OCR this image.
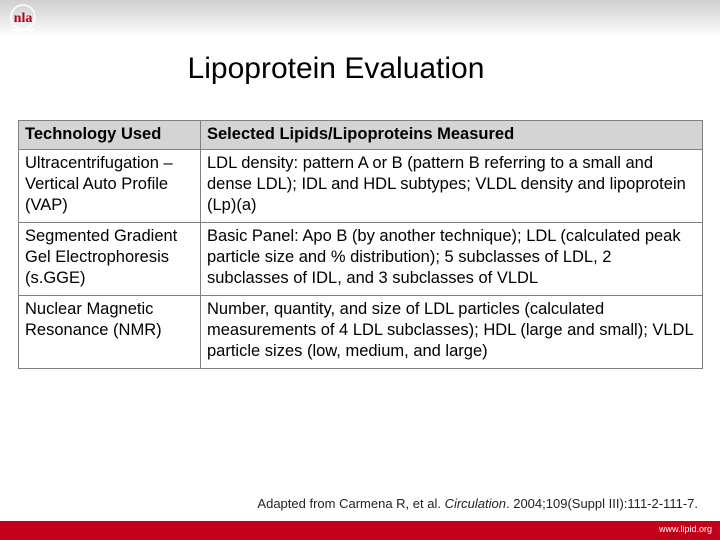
nla
Lipoprotein Evaluation
Technology Used	Selected Lipids/Lipoproteins Measured
Ultracentrifugation – Vertical Auto Profile (VAP)	LDL density: pattern A or B (pattern B referring to a small and dense LDL); IDL and HDL subtypes; VLDL density and lipoprotein (Lp)(a)
Segmented Gradient Gel Electrophoresis (s.GGE)	Basic Panel: Apo B (by another technique); LDL (calculated peak particle size and % distribution); 5 subclasses of LDL, 2 subclasses of IDL, and 3 subclasses of VLDL
Nuclear Magnetic Resonance (NMR)	Number, quantity, and size of LDL particles (calculated measurements of 4 LDL subclasses); HDL (large and small); VLDL particle sizes (low, medium, and large)
Adapted from Carmena R, et al. Circulation. 2004;109(Suppl III):111-2-111-7.
www.lipid.org
